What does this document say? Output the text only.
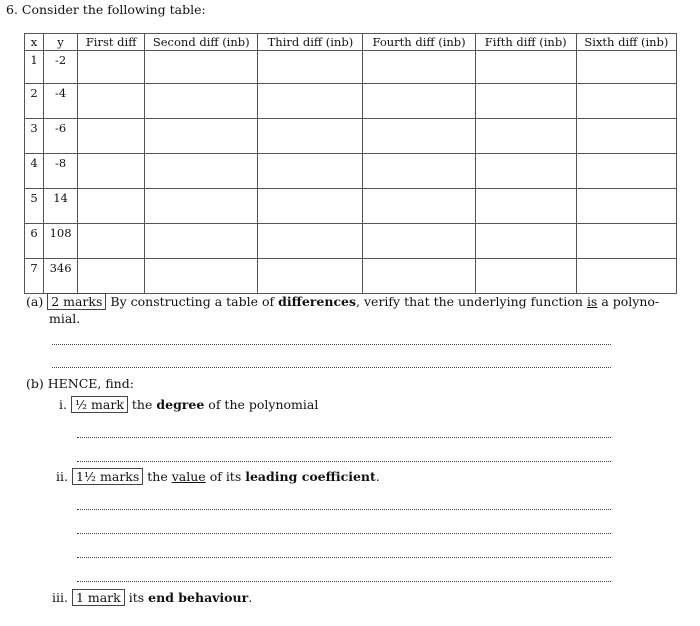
6. Consider the following table:
x	y	First diff	Second diff (inb)	Third diff (inb)	Fourth diff (inb)	Fifth diff (inb)	Sixth diff (inb)
1	-2						
2	-4						
3	-6						
4	-8						
5	14						
6	108						
7	346						
(a) 2 marks By constructing a table of differences, verify that the underlying function is a polyno-
mial.
(b) HENCE, find:
i. ½ mark the degree of the polynomial
ii. 1½ marks the value of its leading coefficient.
iii. 1 mark its end behaviour.
